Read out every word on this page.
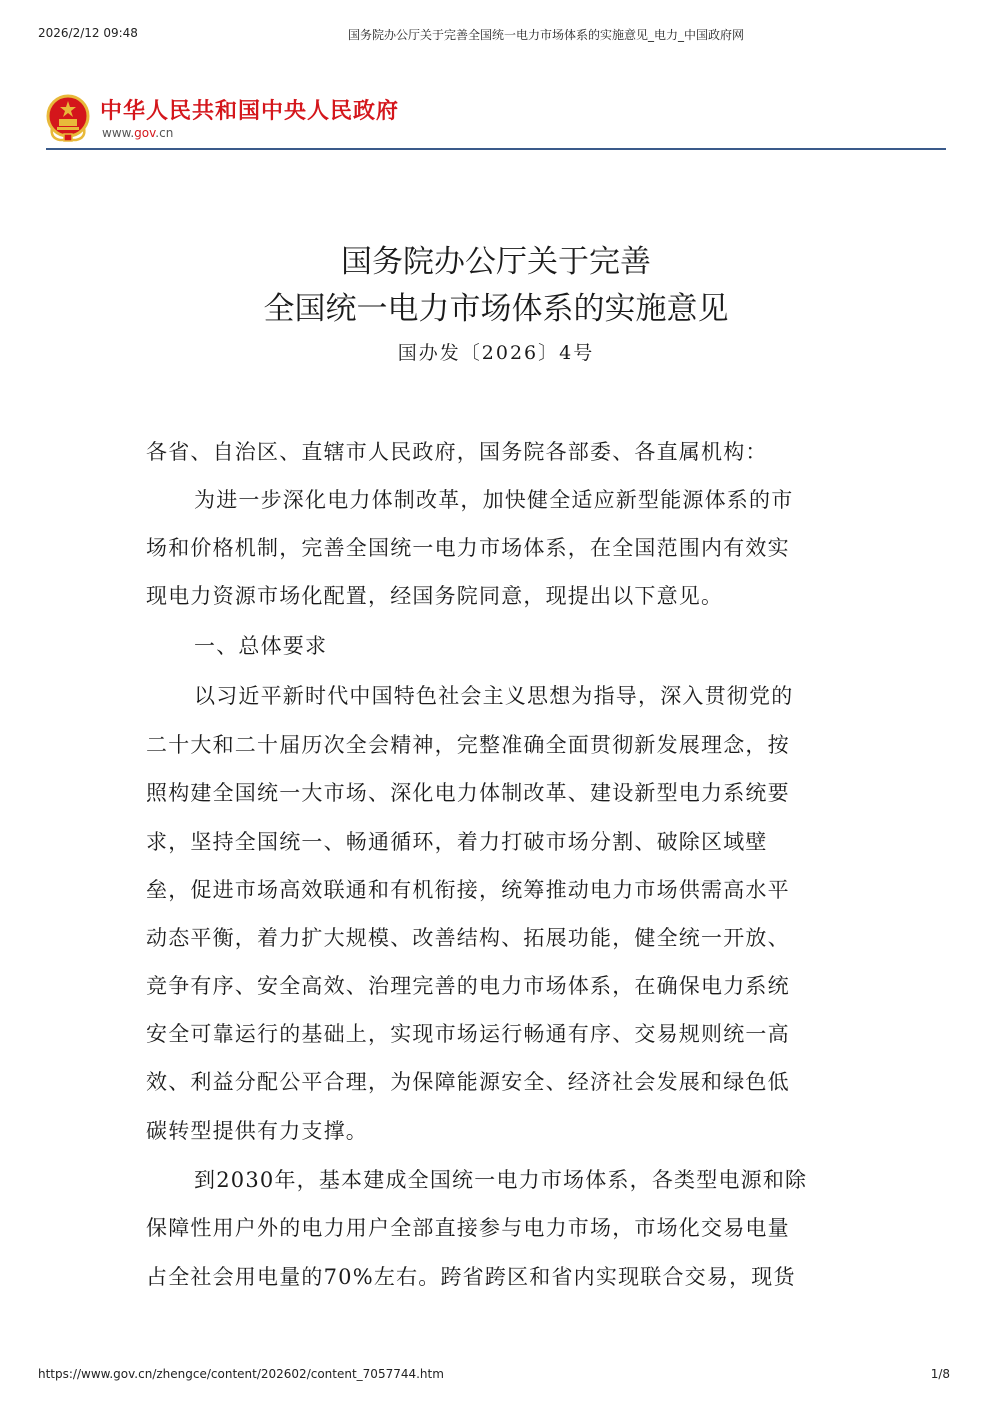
2026/2/12 09:48	国务院办公厅关于完善全国统一电力市场体系的实施意见_电力_中国政府网
中华人民共和国中央人民政府
www.gov.cn
国务院办公厅关于完善
全国统一电力市场体系的实施意见
国办发〔2026〕4号
各省、自治区、直辖市人民政府，国务院各部委、各直属机构：
为进一步深化电力体制改革，加快健全适应新型能源体系的市
场和价格机制，完善全国统一电力市场体系，在全国范围内有效实
现电力资源市场化配置，经国务院同意，现提出以下意见。
一、总体要求
以习近平新时代中国特色社会主义思想为指导，深入贯彻党的
二十大和二十届历次全会精神，完整准确全面贯彻新发展理念，按
照构建全国统一大市场、深化电力体制改革、建设新型电力系统要
求，坚持全国统一、畅通循环，着力打破市场分割、破除区域壁
垒，促进市场高效联通和有机衔接，统筹推动电力市场供需高水平
动态平衡，着力扩大规模、改善结构、拓展功能，健全统一开放、
竞争有序、安全高效、治理完善的电力市场体系，在确保电力系统
安全可靠运行的基础上，实现市场运行畅通有序、交易规则统一高
效、利益分配公平合理，为保障能源安全、经济社会发展和绿色低
碳转型提供有力支撑。
到2030年，基本建成全国统一电力市场体系，各类型电源和除
保障性用户外的电力用户全部直接参与电力市场，市场化交易电量
占全社会用电量的70%左右。跨省跨区和省内实现联合交易，现货
https://www.gov.cn/zhengce/content/202602/content_7057744.htm	1/8
